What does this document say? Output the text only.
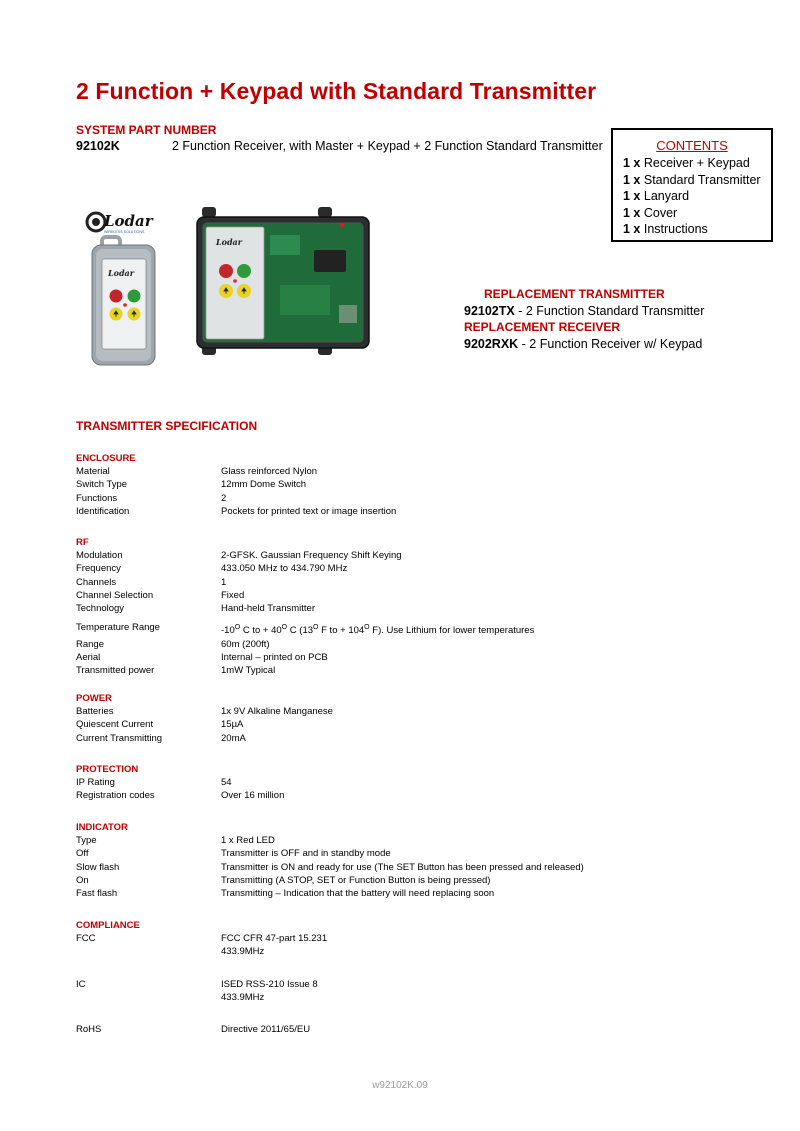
2 Function + Keypad with Standard Transmitter
SYSTEM PART NUMBER
92102K	2 Function Receiver, with Master + Keypad + 2 Function Standard Transmitter	CONTENTS
1 x Receiver + Keypad
1 x Standard Transmitter
1 x Lanyard
1 x Cover
1 x Instructions
Lodar
WIRELESS SOLUTIONS
Lodar
Lodar
REPLACEMENT TRANSMITTER
92102TX - 2 Function Standard Transmitter
REPLACEMENT RECEIVER
9202RXK - 2 Function Receiver w/ Keypad
TRANSMITTER SPECIFICATION
ENCLOSURE
Material	Glass reinforced Nylon
Switch Type	12mm Dome Switch
Functions	2
Identification	Pockets for printed text or image insertion
RF
Modulation	2-GFSK. Gaussian Frequency Shift Keying
Frequency	433.050 MHz to 434.790 MHz
Channels	1
Channel Selection	Fixed
Technology	Hand-held Transmitter
Temperature Range	$-10^O$ C to + $40^O$ C ($13^O$ F to + $104^O$ F). Use Lithium for lower temperatures
Range	60m (200ft)
Aerial	Internal – printed on PCB
Transmitted power	1mW Typical
POWER
Batteries	1x 9V Alkaline Manganese
Quiescent Current	15µA
Current Transmitting	20mA
PROTECTION
IP Rating	54
Registration codes	Over 16 million
INDICATOR
Type	1 x Red LED
Off	Transmitter is OFF and in standby mode
Slow flash	Transmitter is ON and ready for use (The SET Button has been pressed and released)
On	Transmitting (A STOP, SET or Function Button is being pressed)
Fast flash	Transmitting – Indication that the battery will need replacing soon
COMPLIANCE
FCC	FCC CFR 47-part 15.231
433.9MHz
IC	ISED RSS-210 Issue 8
433.9MHz
RoHS	Directive 2011/65/EU
w92102K.09
